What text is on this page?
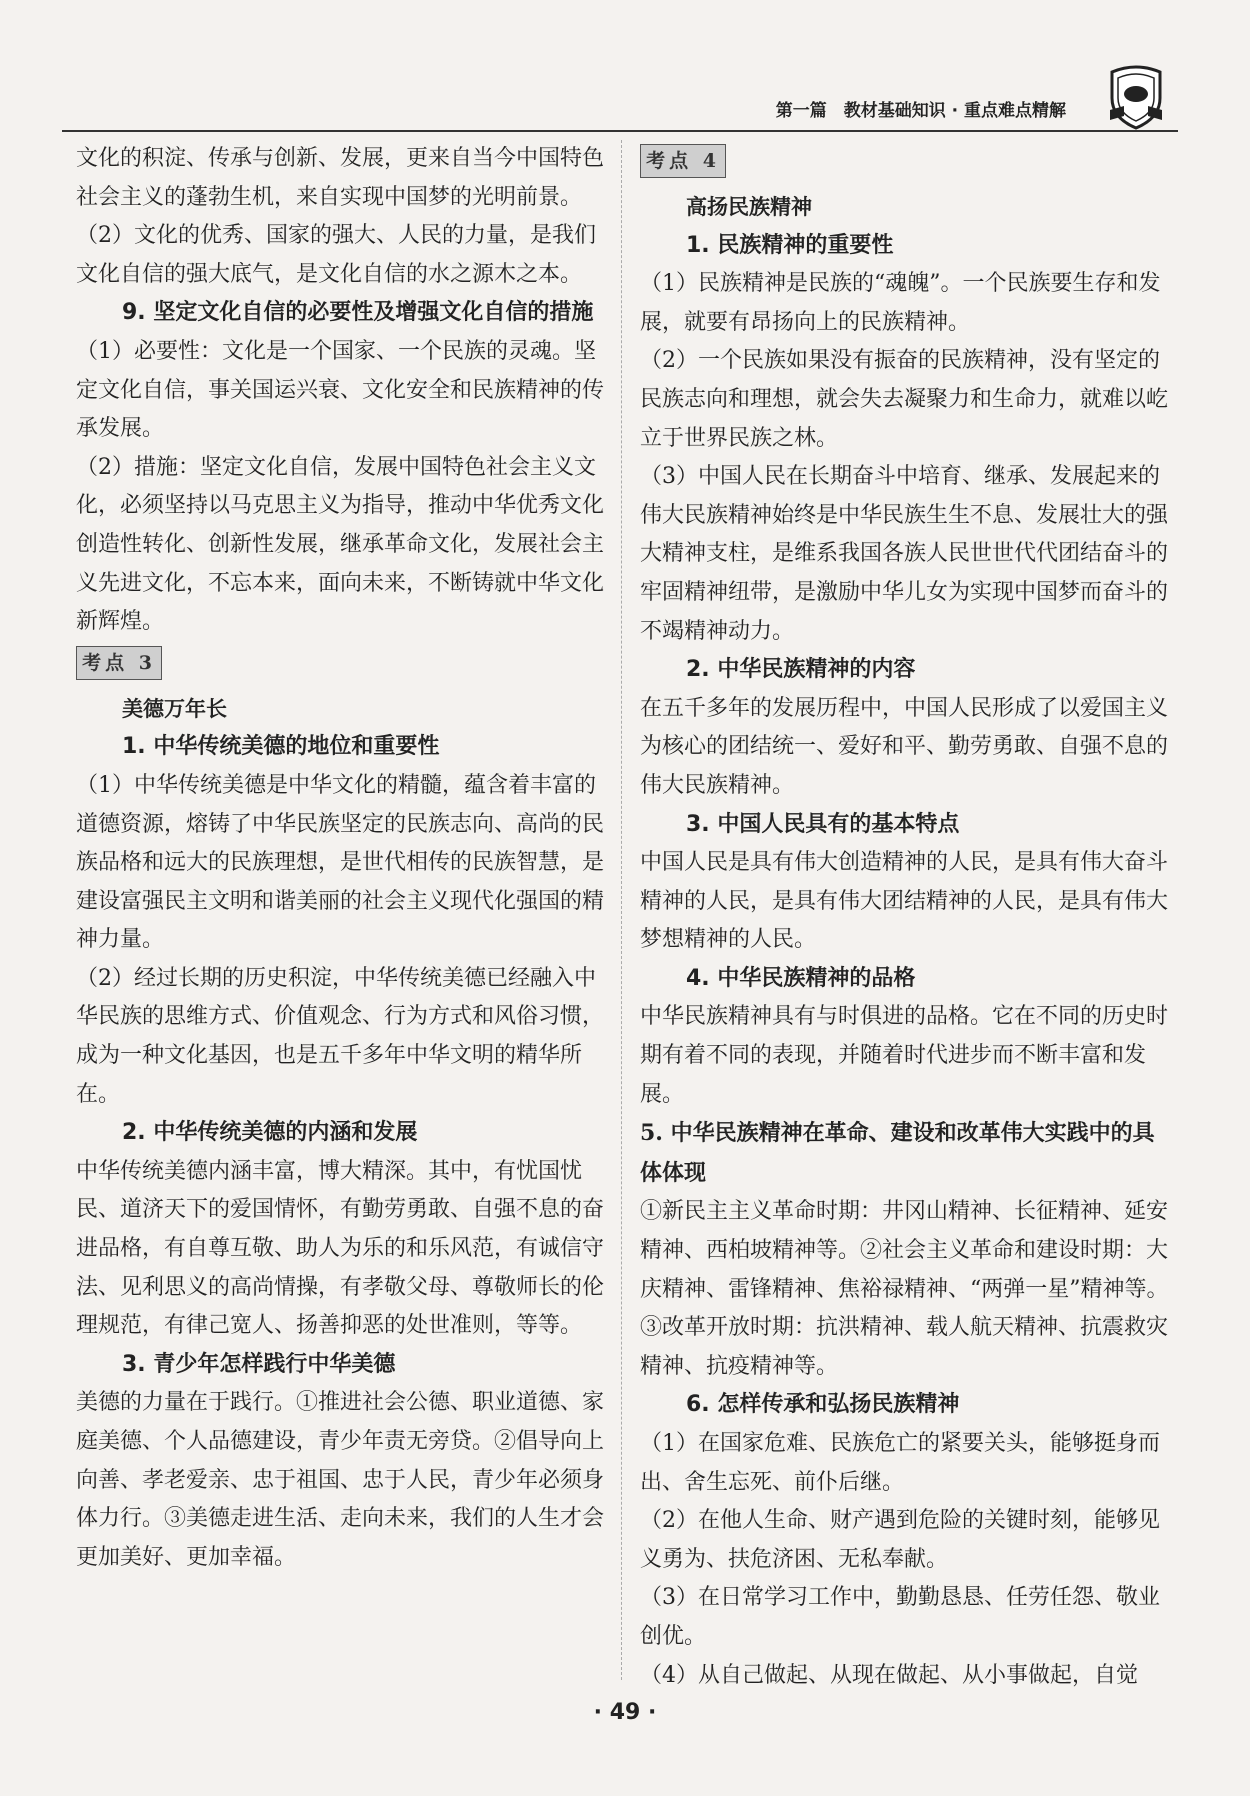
第一篇　教材基础知识 · 重点难点精解

文化的积淀、传承与创新、发展，更来自当今中国特色社会主义的蓬勃生机，来自实现中国梦的光明前景。

（2）文化的优秀、国家的强大、人民的力量，是我们文化自信的强大底气，是文化自信的水之源木之本。

9. 坚定文化自信的必要性及增强文化自信的措施

（1）必要性：文化是一个国家、一个民族的灵魂。坚定文化自信，事关国运兴衰、文化安全和民族精神的传承发展。

（2）措施：坚定文化自信，发展中国特色社会主义文化，必须坚持以马克思主义为指导，推动中华优秀文化创造性转化、创新性发展，继承革命文化，发展社会主义先进文化，不忘本来，面向未来，不断铸就中华文化新辉煌。

考点 3

美德万年长

1. 中华传统美德的地位和重要性

（1）中华传统美德是中华文化的精髓，蕴含着丰富的道德资源，熔铸了中华民族坚定的民族志向、高尚的民族品格和远大的民族理想，是世代相传的民族智慧，是建设富强民主文明和谐美丽的社会主义现代化强国的精神力量。

（2）经过长期的历史积淀，中华传统美德已经融入中华民族的思维方式、价值观念、行为方式和风俗习惯，成为一种文化基因，也是五千多年中华文明的精华所在。

2. 中华传统美德的内涵和发展

中华传统美德内涵丰富，博大精深。其中，有忧国忧民、道济天下的爱国情怀，有勤劳勇敢、自强不息的奋进品格，有自尊互敬、助人为乐的和乐风范，有诚信守法、见利思义的高尚情操，有孝敬父母、尊敬师长的伦理规范，有律己宽人、扬善抑恶的处世准则，等等。

3. 青少年怎样践行中华美德

美德的力量在于践行。①推进社会公德、职业道德、家庭美德、个人品德建设，青少年责无旁贷。②倡导向上向善、孝老爱亲、忠于祖国、忠于人民，青少年必须身体力行。③美德走进生活、走向未来，我们的人生才会更加美好、更加幸福。

考点 4

高扬民族精神

1. 民族精神的重要性

（1）民族精神是民族的“魂魄”。一个民族要生存和发展，就要有昂扬向上的民族精神。

（2）一个民族如果没有振奋的民族精神，没有坚定的民族志向和理想，就会失去凝聚力和生命力，就难以屹立于世界民族之林。

（3）中国人民在长期奋斗中培育、继承、发展起来的伟大民族精神始终是中华民族生生不息、发展壮大的强大精神支柱，是维系我国各族人民世世代代团结奋斗的牢固精神纽带，是激励中华儿女为实现中国梦而奋斗的不竭精神动力。

2. 中华民族精神的内容

在五千多年的发展历程中，中国人民形成了以爱国主义为核心的团结统一、爱好和平、勤劳勇敢、自强不息的伟大民族精神。

3. 中国人民具有的基本特点

中国人民是具有伟大创造精神的人民，是具有伟大奋斗精神的人民，是具有伟大团结精神的人民，是具有伟大梦想精神的人民。

4. 中华民族精神的品格

中华民族精神具有与时俱进的品格。它在不同的历史时期有着不同的表现，并随着时代进步而不断丰富和发展。

5. 中华民族精神在革命、建设和改革伟大实践中的具体体现

①新民主主义革命时期：井冈山精神、长征精神、延安精神、西柏坡精神等。②社会主义革命和建设时期：大庆精神、雷锋精神、焦裕禄精神、“两弹一星”精神等。③改革开放时期：抗洪精神、载人航天精神、抗震救灾精神、抗疫精神等。

6. 怎样传承和弘扬民族精神

（1）在国家危难、民族危亡的紧要关头，能够挺身而出、舍生忘死、前仆后继。

（2）在他人生命、财产遇到危险的关键时刻，能够见义勇为、扶危济困、无私奉献。

（3）在日常学习工作中，勤勤恳恳、任劳任怨、敬业创优。

（4）从自己做起、从现在做起、从小事做起，自觉

· 49 ·
